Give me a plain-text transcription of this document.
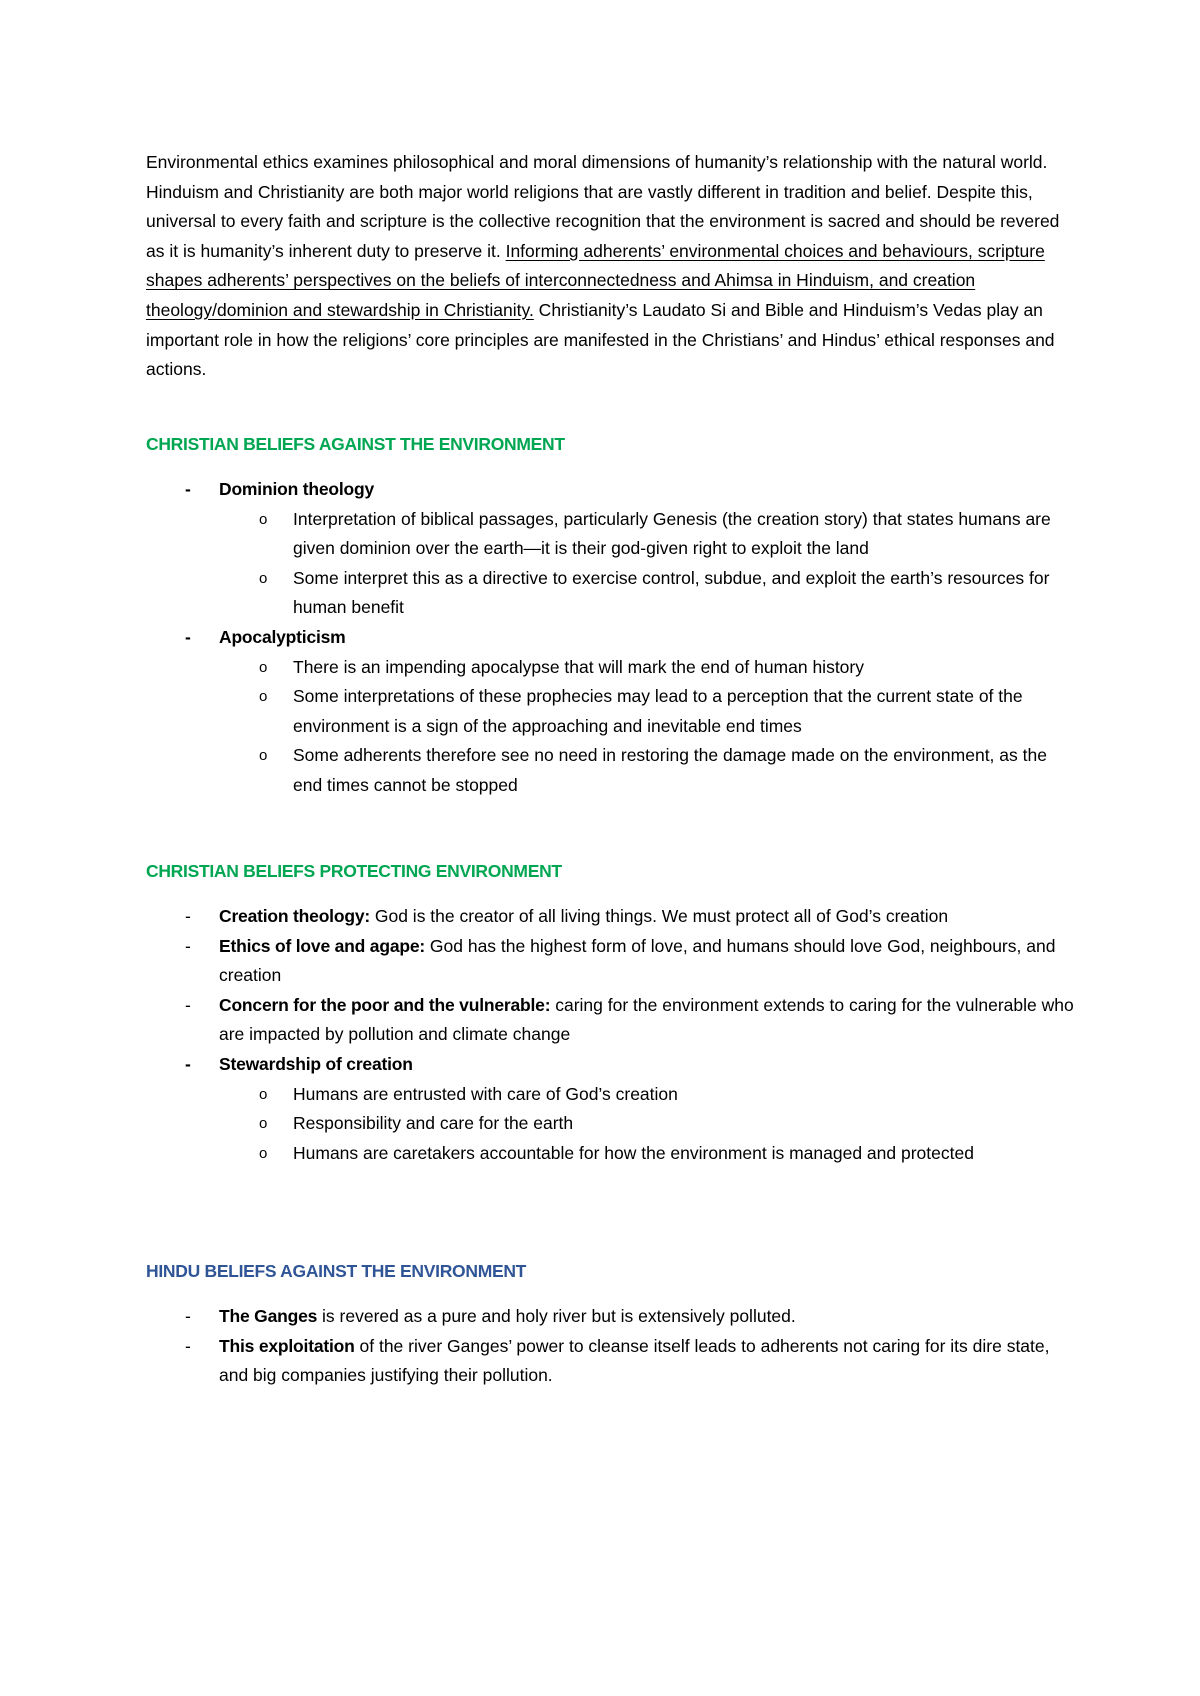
Environmental ethics examines philosophical and moral dimensions of humanity’s relationship with the natural world. Hinduism and Christianity are both major world religions that are vastly different in tradition and belief. Despite this, universal to every faith and scripture is the collective recognition that the environment is sacred and should be revered as it is humanity’s inherent duty to preserve it. Informing adherents’ environmental choices and behaviours, scripture shapes adherents’ perspectives on the beliefs of interconnectedness and Ahimsa in Hinduism, and creation theology/dominion and stewardship in Christianity. Christianity’s Laudato Si and Bible and Hinduism’s Vedas play an important role in how the religions’ core principles are manifested in the Christians’ and Hindus’ ethical responses and actions.

CHRISTIAN BELIEFS AGAINST THE ENVIRONMENT
- Dominion theology
o Interpretation of biblical passages, particularly Genesis (the creation story) that states humans are given dominion over the earth—it is their god-given right to exploit the land
o Some interpret this as a directive to exercise control, subdue, and exploit the earth’s resources for human benefit
- Apocalypticism
o There is an impending apocalypse that will mark the end of human history
o Some interpretations of these prophecies may lead to a perception that the current state of the environment is a sign of the approaching and inevitable end times
o Some adherents therefore see no need in restoring the damage made on the environment, as the end times cannot be stopped
CHRISTIAN BELIEFS PROTECTING ENVIRONMENT
- Creation theology: God is the creator of all living things. We must protect all of God’s creation
- Ethics of love and agape: God has the highest form of love, and humans should love God, neighbours, and creation
- Concern for the poor and the vulnerable: caring for the environment extends to caring for the vulnerable who are impacted by pollution and climate change
- Stewardship of creation
o Humans are entrusted with care of God’s creation
o Responsibility and care for the earth
o Humans are caretakers accountable for how the environment is managed and protected
HINDU BELIEFS AGAINST THE ENVIRONMENT
- The Ganges is revered as a pure and holy river but is extensively polluted.
- This exploitation of the river Ganges’ power to cleanse itself leads to adherents not caring for its dire state, and big companies justifying their pollution.
